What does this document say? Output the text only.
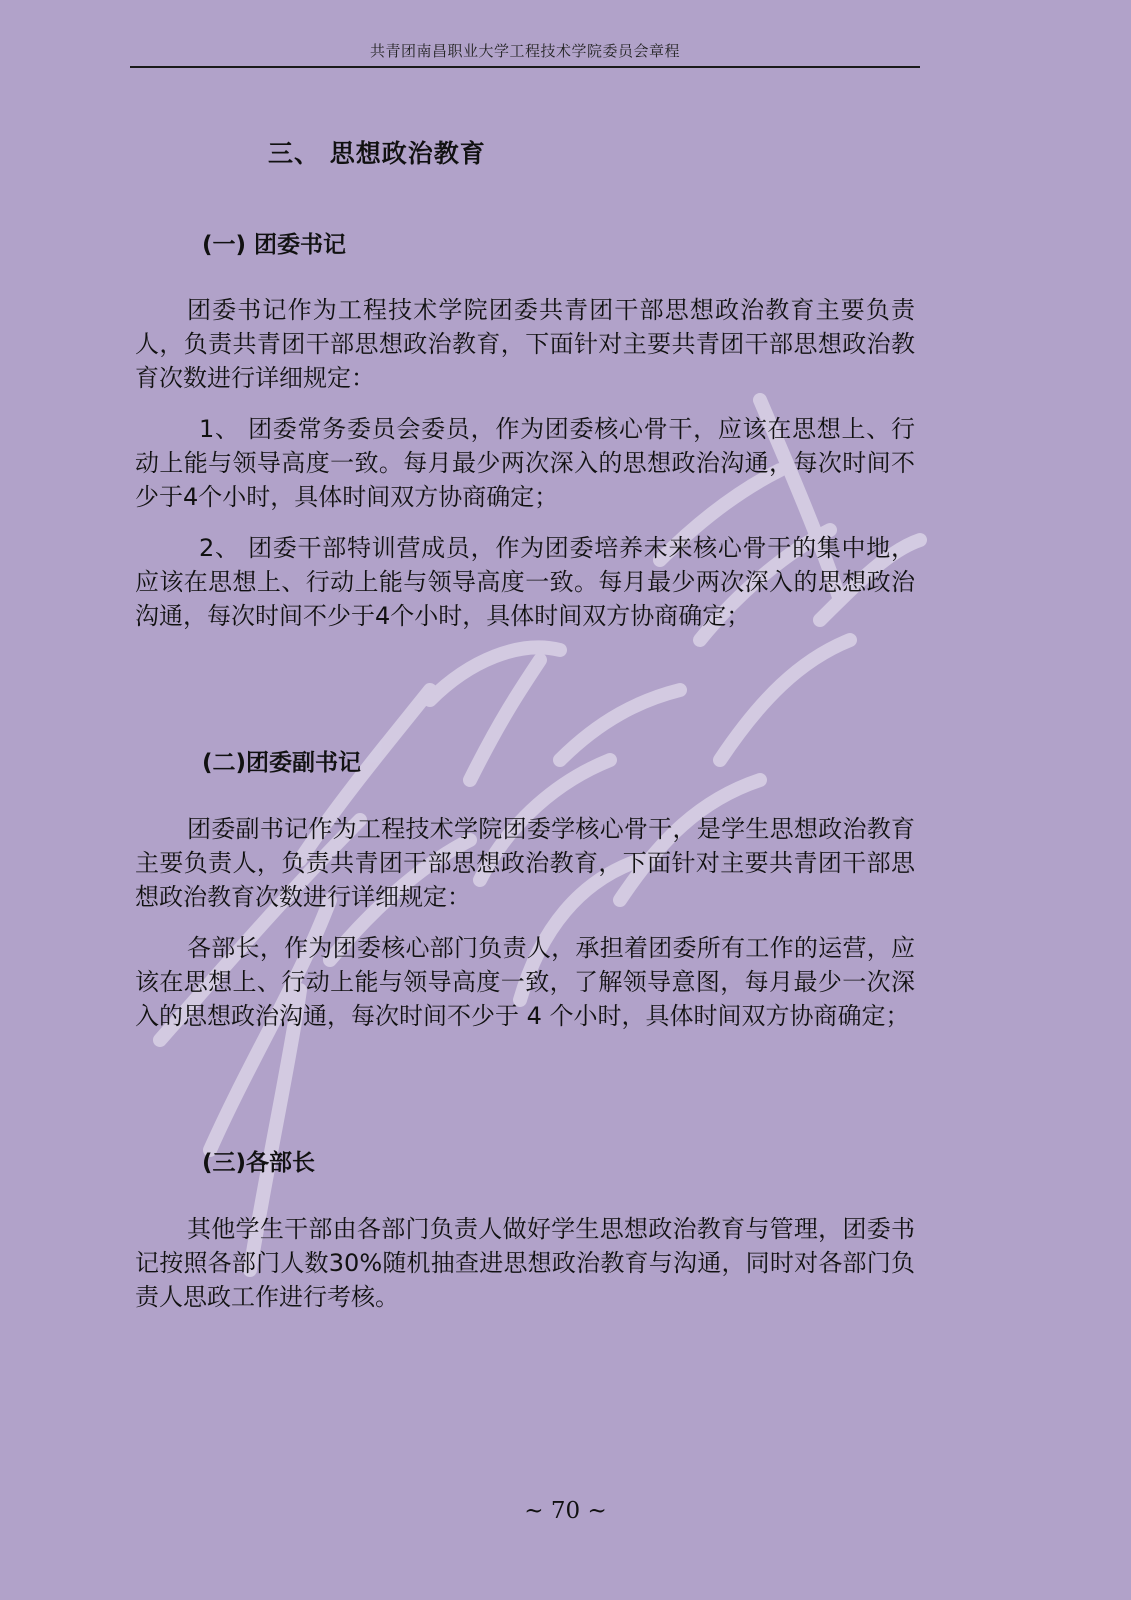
共青团南昌职业大学工程技术学院委员会章程
三、 思想政治教育
(一) 团委书记

团委书记作为工程技术学院团委共青团干部思想政治教育主要负责人，负责共青团干部思想政治教育，下面针对主要共青团干部思想政治教育次数进行详细规定：

1、 团委常务委员会委员，作为团委核心骨干，应该在思想上、行动上能与领导高度一致。每月最少两次深入的思想政治沟通，每次时间不少于4个小时，具体时间双方协商确定；

2、 团委干部特训营成员，作为团委培养未来核心骨干的集中地，应该在思想上、行动上能与领导高度一致。每月最少两次深入的思想政治沟通，每次时间不少于4个小时，具体时间双方协商确定；

(二)团委副书记

团委副书记作为工程技术学院团委学核心骨干，是学生思想政治教育主要负责人，负责共青团干部思想政治教育，下面针对主要共青团干部思想政治教育次数进行详细规定：

各部长，作为团委核心部门负责人，承担着团委所有工作的运营，应该在思想上、行动上能与领导高度一致，了解领导意图，每月最少一次深入的思想政治沟通，每次时间不少于 4 个小时，具体时间双方协商确定；

(三)各部长

其他学生干部由各部门负责人做好学生思想政治教育与管理，团委书记按照各部门人数30%随机抽查进思想政治教育与沟通，同时对各部门负责人思政工作进行考核。

~ 70 ~
